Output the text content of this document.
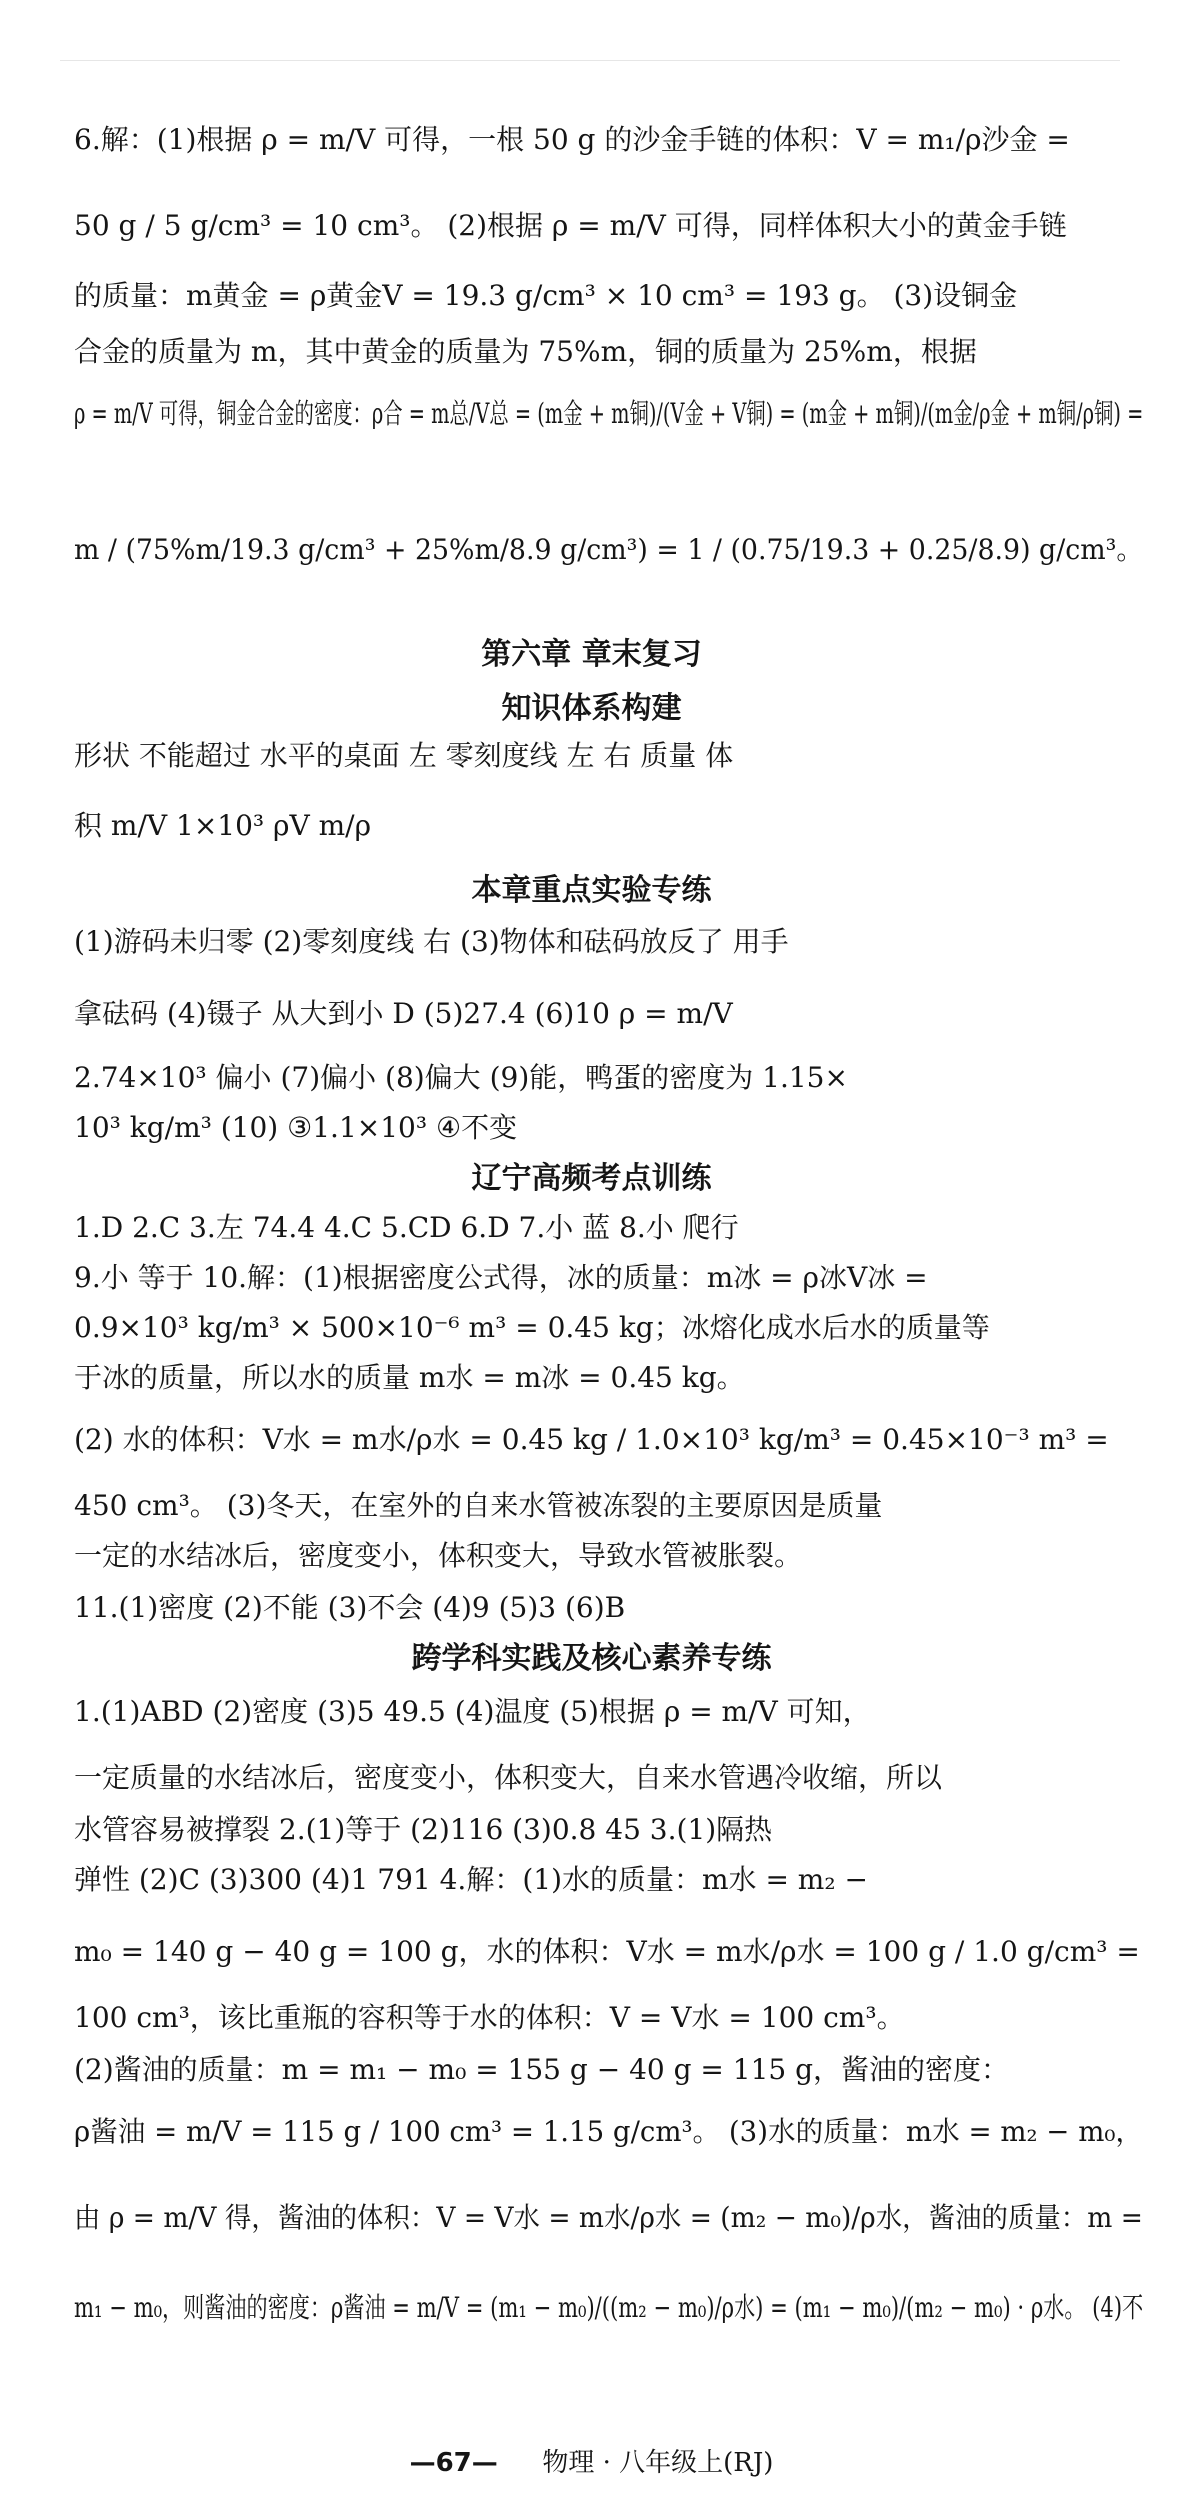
6.解：(1)根据 ρ = m/V 可得，一根 50 g 的沙金手链的体积：V = m₁/ρ沙金 =
50 g / 5 g/cm³ = 10 cm³。 (2)根据 ρ = m/V 可得，同样体积大小的黄金手链
的质量：m黄金 = ρ黄金V = 19.3 g/cm³ × 10 cm³ = 193 g。 (3)设铜金
合金的质量为 m，其中黄金的质量为 75%m，铜的质量为 25%m，根据
ρ = m/V 可得，铜金合金的密度：ρ合 = m总/V总 = (m金 + m铜)/(V金 + V铜) = (m金 + m铜)/(m金/ρ金 + m铜/ρ铜) =
m / (75%m/19.3 g/cm³ + 25%m/8.9 g/cm³) = 1 / (0.75/19.3 + 0.25/8.9) g/cm³。
第六章 章末复习
知识体系构建
形状 不能超过 水平的桌面 左 零刻度线 左 右 质量 体
积 m/V 1×10³ ρV m/ρ
本章重点实验专练
(1)游码未归零 (2)零刻度线 右 (3)物体和砝码放反了 用手
拿砝码 (4)镊子 从大到小 D (5)27.4 (6)10 ρ = m/V
2.74×10³ 偏小 (7)偏小 (8)偏大 (9)能，鸭蛋的密度为 1.15×
10³ kg/m³ (10) ③1.1×10³ ④不变
辽宁高频考点训练
1.D 2.C 3.左 74.4 4.C 5.CD 6.D 7.小 蓝 8.小 爬行
9.小 等于 10.解：(1)根据密度公式得，冰的质量：m冰 = ρ冰V冰 =
0.9×10³ kg/m³ × 500×10⁻⁶ m³ = 0.45 kg；冰熔化成水后水的质量等
于冰的质量，所以水的质量 m水 = m冰 = 0.45 kg。
(2) 水的体积：V水 = m水/ρ水 = 0.45 kg / 1.0×10³ kg/m³ = 0.45×10⁻³ m³ =
450 cm³。 (3)冬天，在室外的自来水管被冻裂的主要原因是质量
一定的水结冰后，密度变小，体积变大，导致水管被胀裂。
11.(1)密度 (2)不能 (3)不会 (4)9 (5)3 (6)B
跨学科实践及核心素养专练
1.(1)ABD (2)密度 (3)5 49.5 (4)温度 (5)根据 ρ = m/V 可知，
一定质量的水结冰后，密度变小，体积变大，自来水管遇冷收缩，所以
水管容易被撑裂 2.(1)等于 (2)116 (3)0.8 45 3.(1)隔热
弹性 (2)C (3)300 (4)1 791 4.解：(1)水的质量：m水 = m₂ −
m₀ = 140 g − 40 g = 100 g，水的体积：V水 = m水/ρ水 = 100 g / 1.0 g/cm³ =
100 cm³，该比重瓶的容积等于水的体积：V = V水 = 100 cm³。
(2)酱油的质量：m = m₁ − m₀ = 155 g − 40 g = 115 g，酱油的密度：
ρ酱油 = m/V = 115 g / 100 cm³ = 1.15 g/cm³。 (3)水的质量：m水 = m₂ − m₀，
由 ρ = m/V 得，酱油的体积：V = V水 = m水/ρ水 = (m₂ − m₀)/ρ水，酱油的质量：m =
m₁ − m₀，则酱油的密度：ρ酱油 = m/V = (m₁ − m₀)/((m₂ − m₀)/ρ水) = (m₁ − m₀)/(m₂ − m₀) · ρ水。 (4)不
—67— 物理 · 八年级上(RJ)
